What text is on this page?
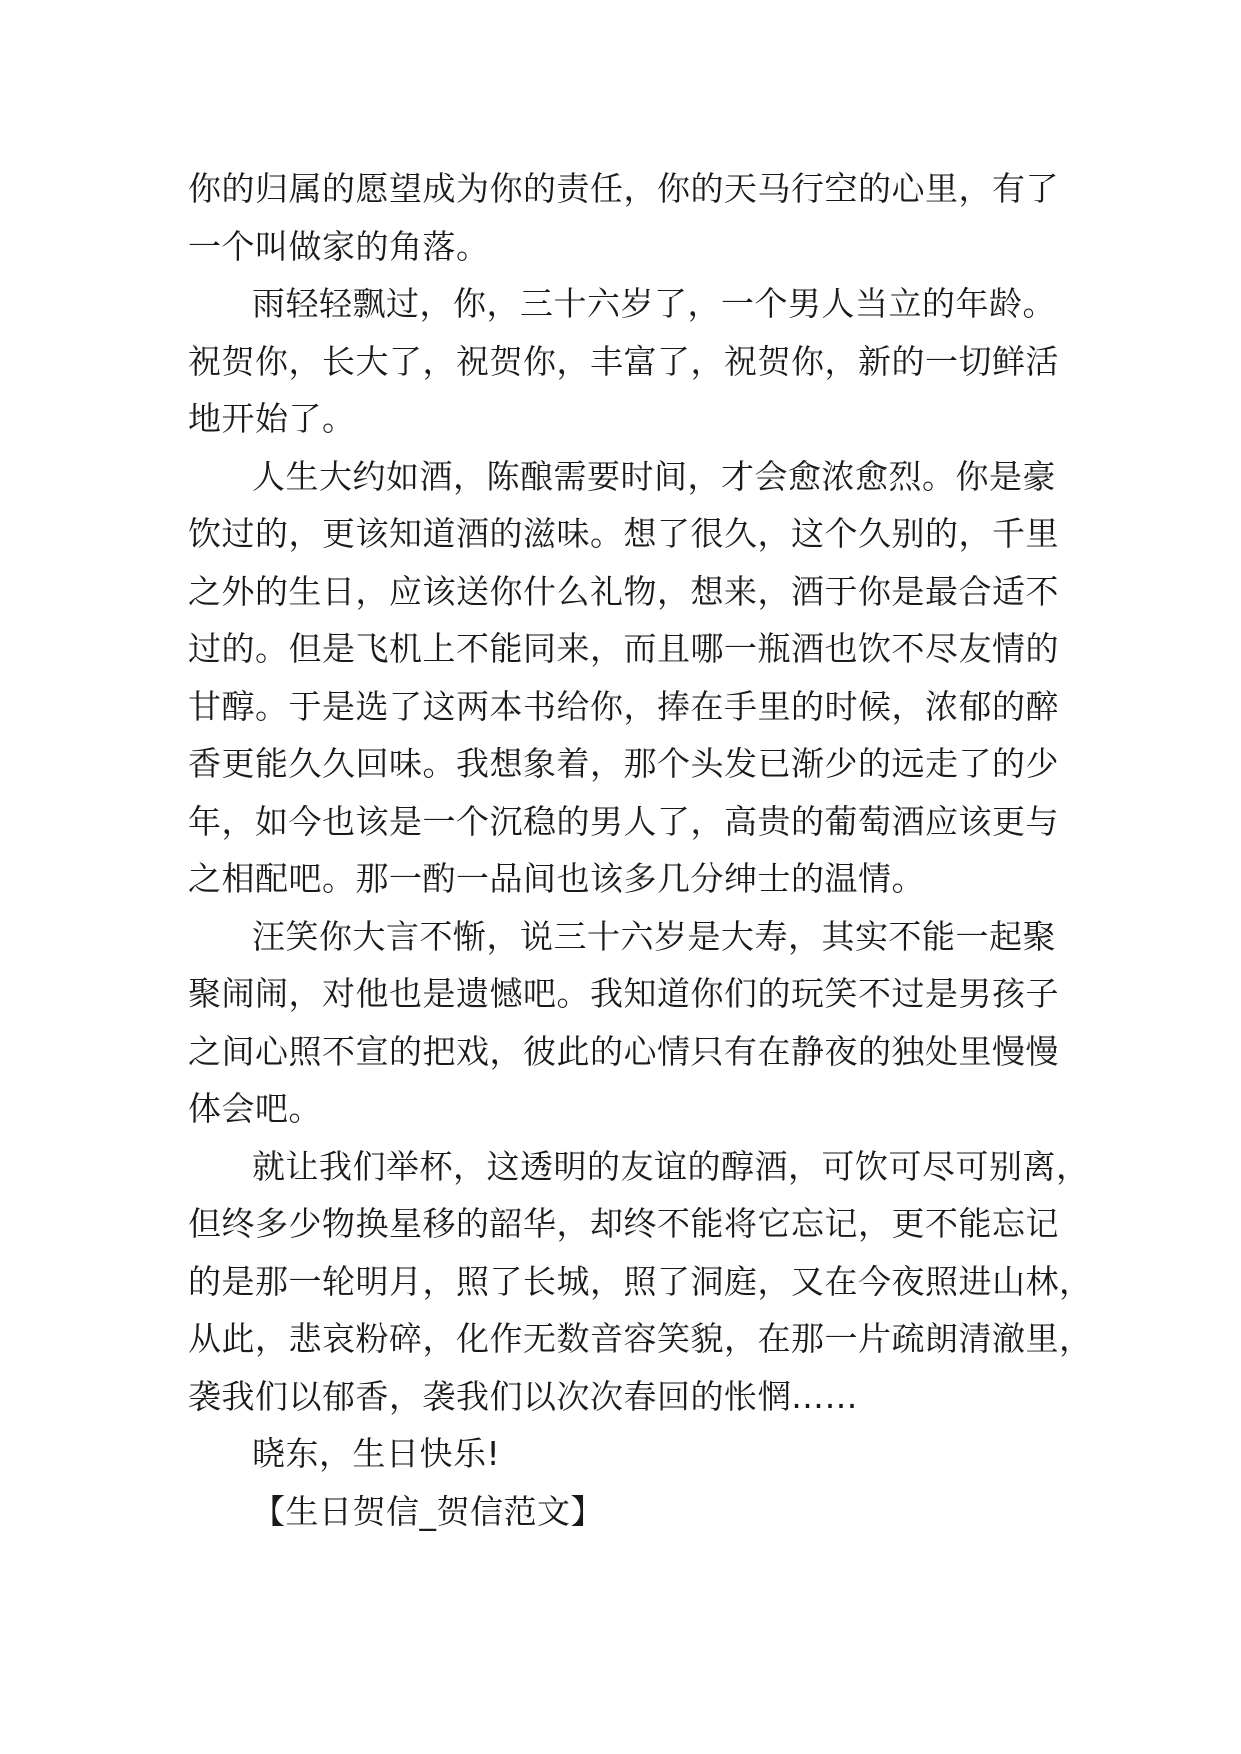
你的归属的愿望成为你的责任，你的天马行空的心里，有了
一个叫做家的角落。

雨轻轻飘过，你，三十六岁了，一个男人当立的年龄。
祝贺你，长大了，祝贺你，丰富了，祝贺你，新的一切鲜活
地开始了。

人生大约如酒，陈酿需要时间，才会愈浓愈烈。你是豪
饮过的，更该知道酒的滋味。想了很久，这个久别的，千里
之外的生日，应该送你什么礼物，想来，酒于你是最合适不
过的。但是飞机上不能同来，而且哪一瓶酒也饮不尽友情的
甘醇。于是选了这两本书给你，捧在手里的时候，浓郁的醉
香更能久久回味。我想象着，那个头发已渐少的远走了的少
年，如今也该是一个沉稳的男人了，高贵的葡萄酒应该更与
之相配吧。那一酌一品间也该多几分绅士的温情。

汪笑你大言不惭，说三十六岁是大寿，其实不能一起聚
聚闹闹，对他也是遗憾吧。我知道你们的玩笑不过是男孩子
之间心照不宣的把戏，彼此的心情只有在静夜的独处里慢慢
体会吧。

就让我们举杯，这透明的友谊的醇酒，可饮可尽可别离，
但终多少物换星移的韶华，却终不能将它忘记，更不能忘记
的是那一轮明月，照了长城，照了洞庭，又在今夜照进山林，
从此，悲哀粉碎，化作无数音容笑貌，在那一片疏朗清澈里，
袭我们以郁香，袭我们以次次春回的怅惘……

晓东，生日快乐!

【生日贺信_贺信范文】
